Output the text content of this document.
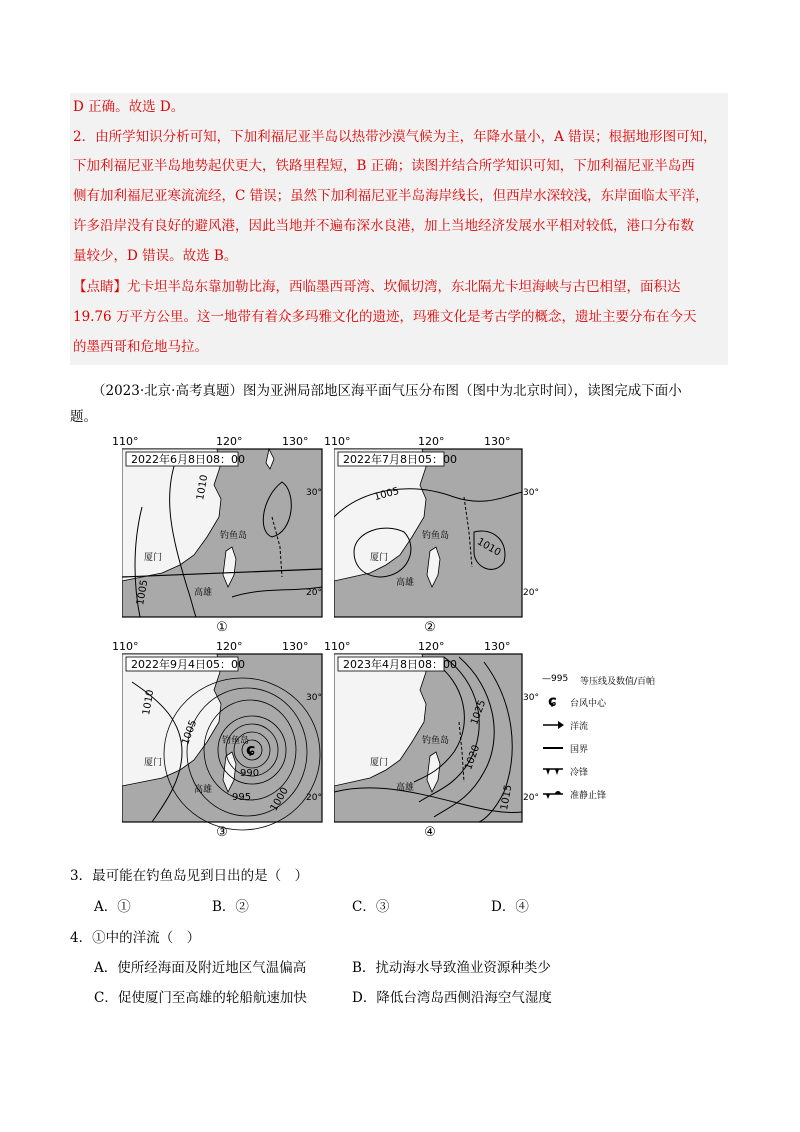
D 正确。故选 D。
2．由所学知识分析可知，下加利福尼亚半岛以热带沙漠气候为主，年降水量小，A 错误；根据地形图可知，
下加利福尼亚半岛地势起伏更大，铁路里程短，B 正确；读图并结合所学知识可知，下加利福尼亚半岛西
侧有加利福尼亚寒流流经，C 错误；虽然下加利福尼亚半岛海岸线长，但西岸水深较浅，东岸面临太平洋，
许多沿岸没有良好的避风港，因此当地并不遍布深水良港，加上当地经济发展水平相对较低，港口分布数
量较少，D 错误。故选 B。
【点睛】尤卡坦半岛东靠加勒比海，西临墨西哥湾、坎佩切湾，东北隔尤卡坦海峡与古巴相望，面积达
19.76 万平方公里。这一地带有着众多玛雅文化的遗迹，玛雅文化是考古学的概念，遗址主要分布在今天
的墨西哥和危地马拉。
（2023·北京·高考真题）图为亚洲局部地区海平面气压分布图（图中为北京时间），读图完成下面小
题。
110°	120°	130°
厦门
钓鱼岛
高雄
30°
20°
2022年6月8日08：00
1010
1005
①
110°	120°	130°
厦门
钓鱼岛
高雄
30°
20°
2022年7月8日05：00
1005
1010
②
110°	120°	130°
厦门
钓鱼岛
高雄
ɕ
30°
20°
2022年9月4日05：00
1010
1005
990
995 1000
③
110°	120°	130°
厦门
钓鱼岛
高雄
30°
20°
2023年4月8日08：00
1025
1020
1015
④
—995	等压线及数值/百帕
ɕ	台风中心
洋流
国界
冷锋
准静止锋
3．最可能在钓鱼岛见到日出的是（　）
A．①	B．②	C．③	D．④
4．①中的洋流（　）
A．使所经海面及附近地区气温偏高	B．扰动海水导致渔业资源种类少
C．促使厦门至高雄的轮船航速加快	D．降低台湾岛西侧沿海空气湿度
